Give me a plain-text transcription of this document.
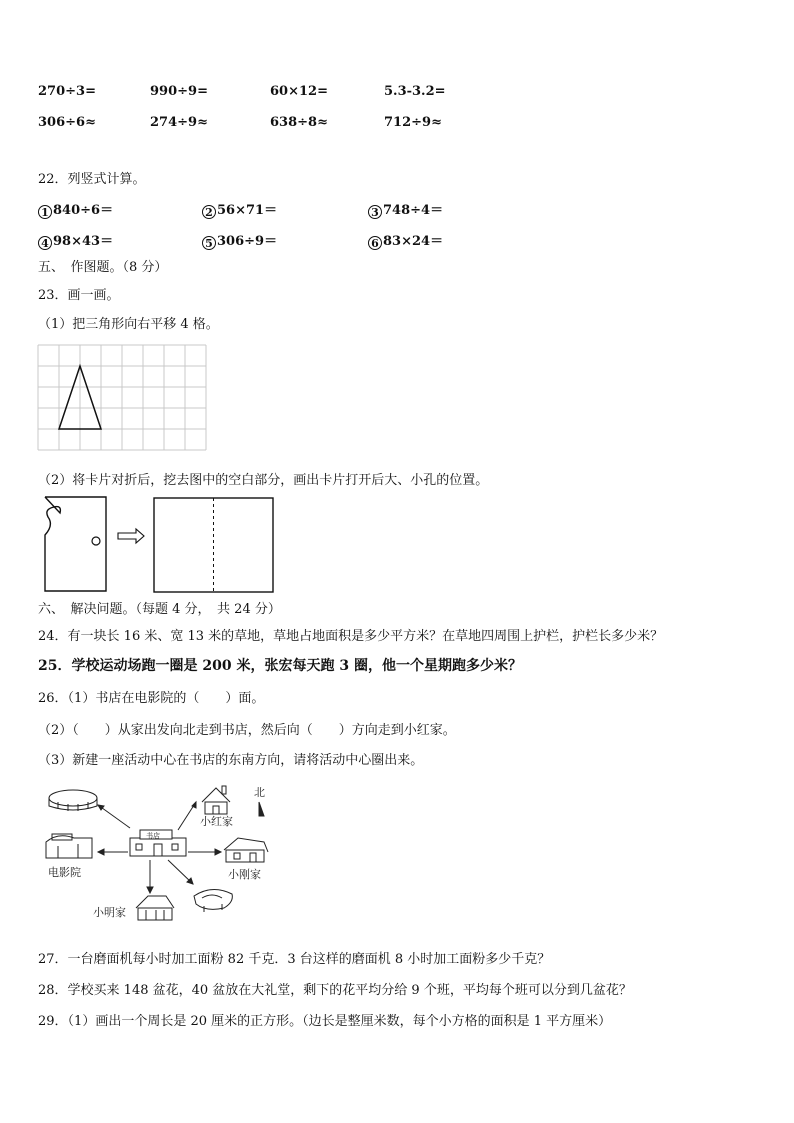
270÷3=	990÷9=	60×12=	5.3-3.2=
306÷6≈	274÷9≈	638÷8≈	712÷9≈
22．列竖式计算。
1 840÷6＝	2 56×71＝	3 748÷4＝
4 98×43＝	5 306÷9＝	6 83×24＝
五、　作图题。（8 分）
23．画一画。
（1）把三角形向右平移 4 格。
（2）将卡片对折后，挖去图中的空白部分，画出卡片打开后大、小孔的位置。
六、　解决问题。（每题 4 分，　共 24 分）
24．有一块长 16 米、宽 13 米的草地，草地占地面积是多少平方米？在草地四周围上护栏，护栏长多少米？
25．学校运动场跑一圈是 200 米，张宏每天跑 3 圈，他一个星期跑多少米？
26．（1）书店在电影院的（　　）面。
（2）（　　）从家出发向北走到书店，然后向（　　）方向走到小红家。
（3）新建一座活动中心在书店的东南方向，请将活动中心圈出来。
书店
电影院
小红家
北
小刚家
小明家
27．一台磨面机每小时加工面粉 82 千克．3 台这样的磨面机 8 小时加工面粉多少千克？
28．学校买来 148 盆花，40 盆放在大礼堂，剩下的花平均分给 9 个班，平均每个班可以分到几盆花？
29．（1）画出一个周长是 20 厘米的正方形。（边长是整厘米数，每个小方格的面积是 1 平方厘米）
